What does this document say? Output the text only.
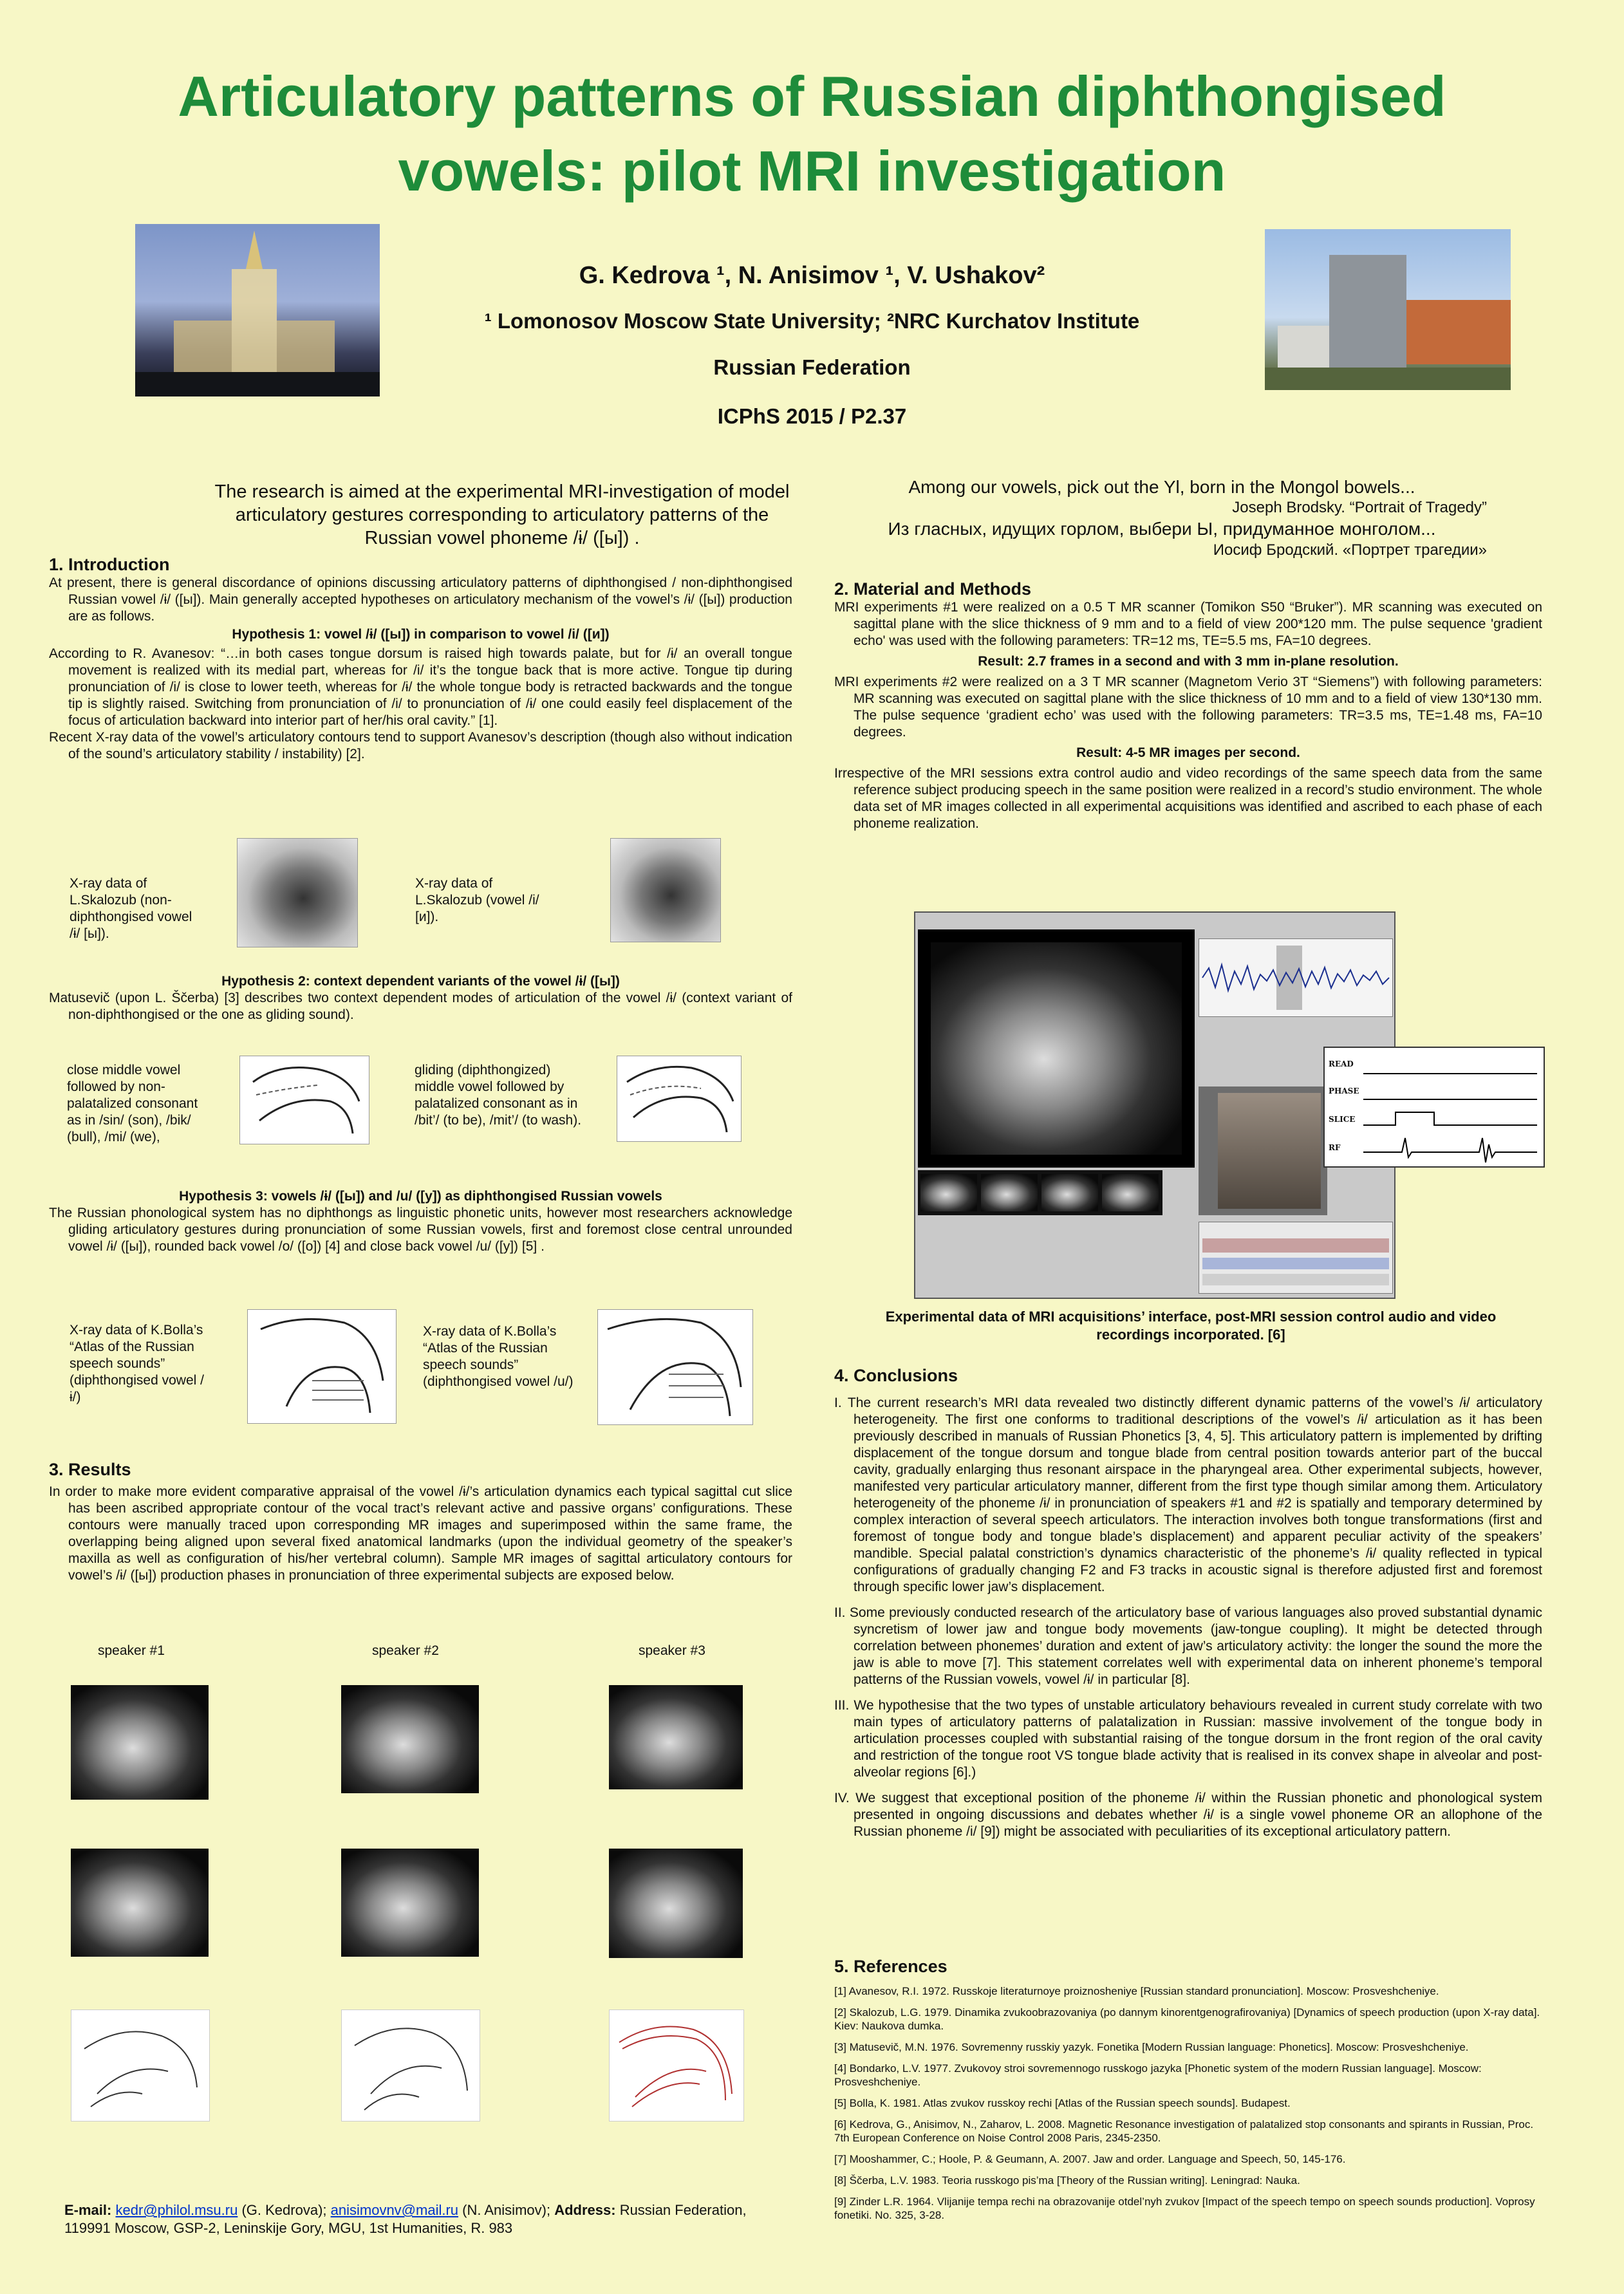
Articulatory patterns of Russian diphthongised
vowels: pilot MRI investigation
G. Kedrova ¹, N. Anisimov ¹, V. Ushakov²
¹ Lomonosov Moscow State University; ²NRC Kurchatov Institute
Russian Federation
ICPhS 2015 / P2.37

The research is aimed at the experimental MRI-investigation of model articulatory gestures corresponding to articulatory patterns of the Russian vowel phoneme /ɨ/ ([ы]) .

1. Introduction

At present, there is general discordance of opinions discussing articulatory patterns of diphthongised / non-diphthongised Russian vowel /ɨ/ ([ы]). Main generally accepted hypotheses on articulatory mechanism of the vowel’s /ɨ/ ([ы]) production are as follows.

Hypothesis 1: vowel /ɨ/ ([ы]) in comparison to vowel /i/ ([и])

According to R. Avanesov: “…in both cases tongue dorsum is raised high towards palate, but for /ɨ/ an overall tongue movement is realized with its medial part, whereas for /i/ it’s the tongue back that is more active. Tongue tip during pronunciation of /i/ is close to lower teeth, whereas for /ɨ/ the whole tongue body is retracted backwards and the tongue tip is slightly raised. Switching from pronunciation of /i/ to pronunciation of /ɨ/ one could easily feel displacement of the focus of articulation backward into interior part of her/his oral cavity.” [1].

Recent X-ray data of the vowel’s articulatory contours tend to support Avanesov’s description (though also without indication of the sound’s articulatory stability / instability) [2].

X-ray data of L.Skalozub (non-diphthongised vowel /ɨ/ [ы]).
X-ray data of L.Skalozub (vowel /i/ [и]).

Hypothesis 2: context dependent variants of the vowel /ɨ/ ([ы])

Matusevič (upon L. Ščerba) [3] describes two context dependent modes of articulation of the vowel /ɨ/ (context variant of non-diphthongised or the one as gliding sound).

close middle vowel followed by non-palatalized consonant as in /sin/ (son), /bik/ (bull), /mi/ (we),
gliding (diphthongized) middle vowel followed by palatalized consonant as in /bit’/ (to be), /mit’/ (to wash).

Hypothesis 3: vowels /ɨ/ ([ы]) and /u/ ([у]) as diphthongised Russian vowels

The Russian phonological system has no diphthongs as linguistic phonetic units, however most researchers acknowledge gliding articulatory gestures during pronunciation of some Russian vowels, first and foremost close central unrounded vowel /ɨ/ ([ы]), rounded back vowel /o/ ([о]) [4] and close back vowel /u/ ([у]) [5] .

X-ray data of K.Bolla’s “Atlas of the Russian speech sounds” (diphthongised vowel /ɨ/)
X-ray data of K.Bolla’s “Atlas of the Russian speech sounds” (diphthongised vowel /u/)
3. Results

In order to make more evident comparative appraisal of the vowel /ɨ/’s articulation dynamics each typical sagittal cut slice has been ascribed appropriate contour of the vocal tract’s relevant active and passive organs’ configurations. These contours were manually traced upon corresponding MR images and superimposed within the same frame, the overlapping being aligned upon several fixed anatomical landmarks (upon the individual geometry of the speaker’s maxilla as well as configuration of his/her vertebral column). Sample MR images of sagittal articulatory contours for vowel’s /ɨ/ ([ы]) production phases in pronunciation of three experimental subjects are exposed below.

speaker #1	speaker #2	speaker #3
E-mail: kedr@philol.msu.ru (G. Kedrova); anisimovnv@mail.ru (N. Anisimov); Address: Russian Federation,
119991 Moscow, GSP-2, Leninskije Gory, MGU, 1st Humanities, R. 983
Among our vowels, pick out the Yl, born in the Mongol bowels...
Joseph Brodsky. “Portrait of Tragedy”
Из гласных, идущих горлом, выбери Ы, придуманное монголом...
Иосиф Бродский. «Портрет трагедии»
2. Material and Methods

MRI experiments #1 were realized on a 0.5 T MR scanner (Tomikon S50 “Bruker”). MR scanning was executed on sagittal plane with the slice thickness of 9 mm and to a field of view 200*120 mm. The pulse sequence 'gradient echo' was used with the following parameters: TR=12 ms, TE=5.5 ms, FA=10 degrees.

Result: 2.7 frames in a second and with 3 mm in-plane resolution.

MRI experiments #2 were realized on a 3 T MR scanner (Magnetom Verio 3T “Siemens”) with following parameters: MR scanning was executed on sagittal plane with the slice thickness of 10 mm and to a field of view 130*130 mm. The pulse sequence ‘gradient echo’ was used with the following parameters: TR=3.5 ms, TE=1.48 ms, FA=10 degrees.

Result: 4-5 MR images per second.

Irrespective of the MRI sessions extra control audio and video recordings of the same speech data from the same reference subject producing speech in the same position were realized in a record’s studio environment. The whole data set of MR images collected in all experimental acquisitions was identified and ascribed to each phase of each phoneme realization.

READ
PHASE
SLICE
RF
Experimental data of MRI acquisitions’ interface, post-MRI session control audio and video recordings incorporated. [6]
4. Conclusions

I. The current research’s MRI data revealed two distinctly different dynamic patterns of the vowel’s /ɨ/ articulatory heterogeneity. The first one conforms to traditional descriptions of the vowel’s /ɨ/ articulation as it has been previously described in manuals of Russian Phonetics [3, 4, 5]. This articulatory pattern is implemented by drifting displacement of the tongue dorsum and tongue blade from central position towards anterior part of the buccal cavity, gradually enlarging thus resonant airspace in the pharyngeal area. Other experimental subjects, however, manifested very particular articulatory manner, different from the first type though similar among them. Articulatory heterogeneity of the phoneme /ɨ/ in pronunciation of speakers #1 and #2 is spatially and temporary determined by complex interaction of several speech articulators. The interaction involves both tongue transformations (first and foremost of tongue body and tongue blade’s displacement) and apparent peculiar activity of the speakers’ mandible. Special palatal constriction’s dynamics characteristic of the phoneme’s /ɨ/ quality reflected in typical configurations of gradually changing F2 and F3 tracks in acoustic signal is therefore adjusted first and foremost through specific lower jaw’s displacement.

II. Some previously conducted research of the articulatory base of various languages also proved substantial dynamic syncretism of lower jaw and tongue body movements (jaw-tongue coupling). It might be detected through correlation between phonemes’ duration and extent of jaw’s articulatory activity: the longer the sound the more the jaw is able to move [7]. This statement correlates well with experimental data on inherent phoneme’s temporal patterns of the Russian vowels, vowel /ɨ/ in particular [8].

III. We hypothesise that the two types of unstable articulatory behaviours revealed in current study correlate with two main types of articulatory patterns of palatalization in Russian: massive involvement of the tongue body in articulation processes coupled with substantial raising of the tongue dorsum in the front region of the oral cavity and restriction of the tongue root VS tongue blade activity that is realised in its convex shape in alveolar and post-alveolar regions [6].)

IV. We suggest that exceptional position of the phoneme /ɨ/ within the Russian phonetic and phonological system presented in ongoing discussions and debates whether /ɨ/ is a single vowel phoneme OR an allophone of the Russian phoneme /i/ [9]) might be associated with peculiarities of its exceptional articulatory pattern.

5. References

[1] Avanesov, R.I. 1972. Russkoje literaturnoye proiznosheniye [Russian standard pronunciation]. Moscow: Prosveshcheniye.

[2] Skalozub, L.G. 1979. Dinamika zvukoobrazovaniya (po dannym kinorentgenografirovaniya) [Dynamics of speech production (upon X-ray data]. Kiev: Naukova dumka.

[3] Matusevič, M.N. 1976. Sovremenny russkiy yazyk. Fonetika [Modern Russian language: Phonetics]. Moscow: Prosveshcheniye.

[4] Bondarko, L.V. 1977. Zvukovoy stroi sovremennogo russkogo jazyka [Phonetic system of the modern Russian language]. Moscow: Prosveshcheniye.

[5] Bolla, K. 1981. Atlas zvukov russkoy rechi [Atlas of the Russian speech sounds]. Budapest.

[6] Kedrova, G., Anisimov, N., Zaharov, L. 2008. Magnetic Resonance investigation of palatalized stop consonants and spirants in Russian, Proc. 7th European Conference on Noise Control 2008 Paris, 2345-2350.

[7] Mooshammer, C.; Hoole, P. & Geumann, A. 2007. Jaw and order. Language and Speech, 50, 145-176.

[8] Ščerba, L.V. 1983. Teoria russkogo pis’ma [Theory of the Russian writing]. Leningrad: Nauka.

[9] Zinder L.R. 1964. Vlijanije tempa rechi na obrazovanije otdel’nyh zvukov [Impact of the speech tempo on speech sounds production]. Voprosy fonetiki. No. 325, 3-28.
